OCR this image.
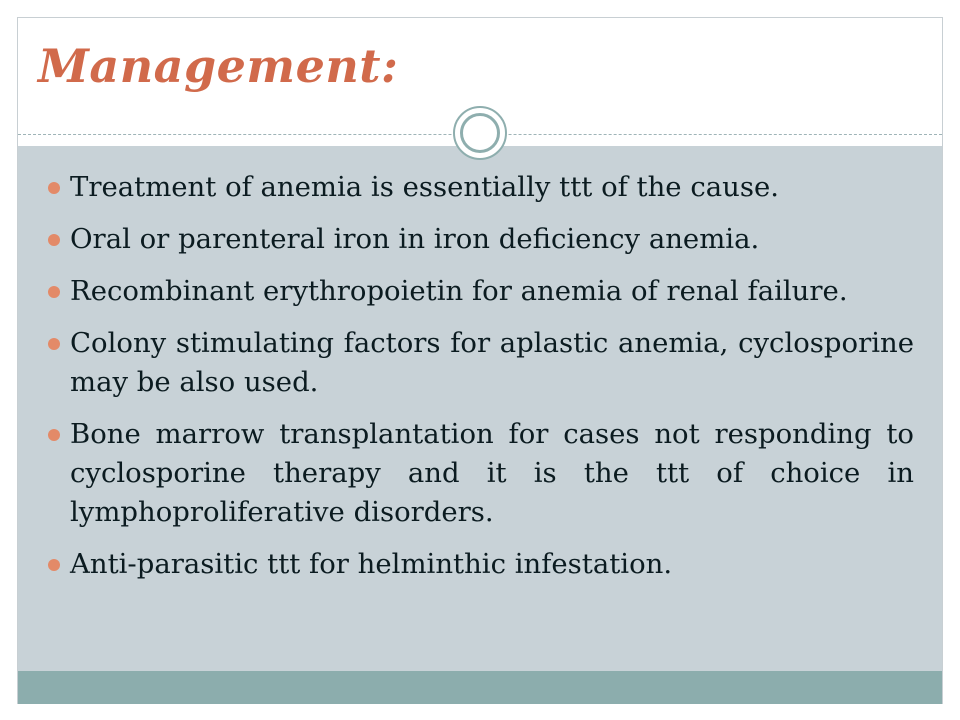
Management:
Treatment of anemia is essentially ttt of the cause.
Oral or parenteral iron in iron deficiency anemia.
Recombinant erythropoietin for anemia of renal failure.
Colony stimulating factors for aplastic anemia, cyclosporine may be also used.
Bone marrow transplantation for cases not responding to cyclosporine therapy and it is the ttt of choice in lymphoproliferative disorders.
Anti-parasitic ttt for helminthic infestation.
